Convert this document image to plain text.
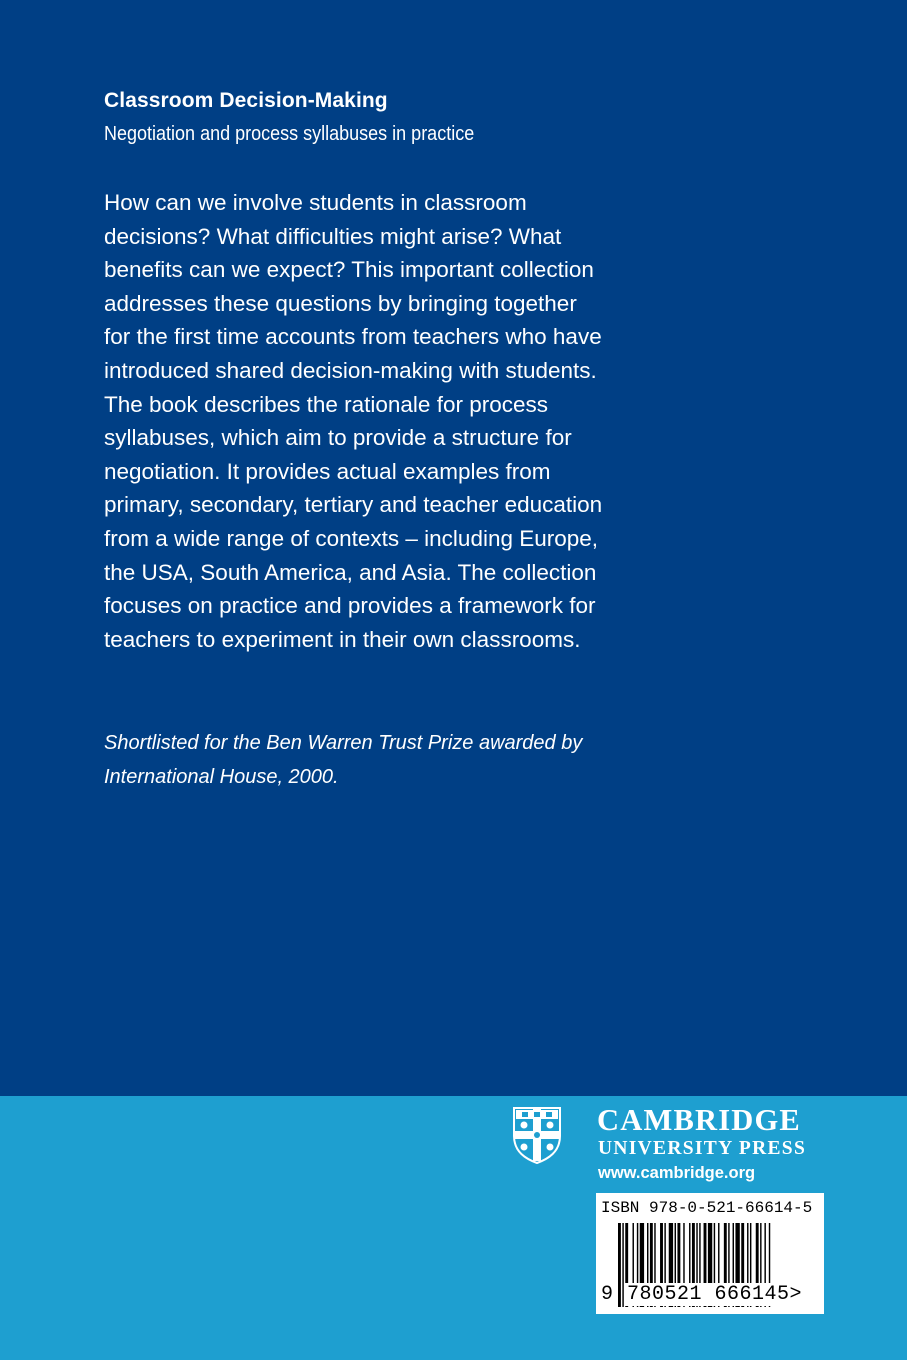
Classroom Decision-Making
Negotiation and process syllabuses in practice

How can we involve students in classroom decisions? What difficulties might arise? What benefits can we expect? This important collection addresses these questions by bringing together for the first time accounts from teachers who have introduced shared decision-making with students. The book describes the rationale for process syllabuses, which aim to provide a structure for negotiation. It provides actual examples from primary, secondary, tertiary and teacher education from a wide range of contexts – including Europe, the USA, South America, and Asia. The collection focuses on practice and provides a framework for teachers to experiment in their own classrooms.

Shortlisted for the Ben Warren Trust Prize awarded by International House, 2000.

CAMBRIDGE
UNIVERSITY PRESS
www.cambridge.org
ISBN 978-0-521-66614-5
9 780521 666145>
